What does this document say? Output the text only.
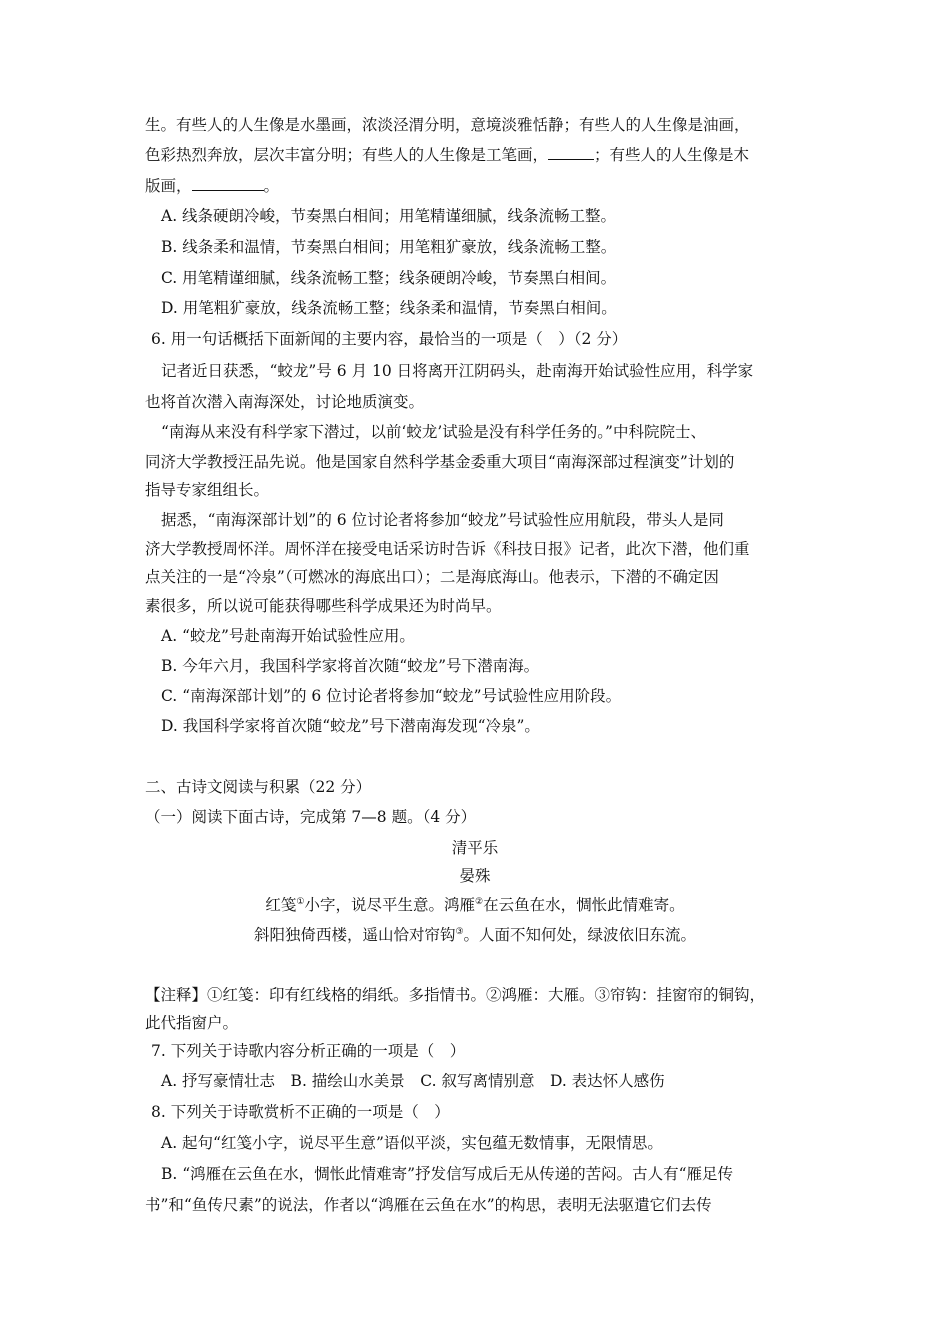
生。有些人的人生像是水墨画，浓淡泾渭分明，意境淡雅恬静；有些人的人生像是油画，

色彩热烈奔放，层次丰富分明；有些人的人生像是工笔画，	；有些人的人生像是木

版画，	。

A. 线条硬朗冷峻，节奏黑白相间；用笔精谨细腻，线条流畅工整。

B. 线条柔和温情，节奏黑白相间；用笔粗犷豪放，线条流畅工整。

C. 用笔精谨细腻，线条流畅工整；线条硬朗冷峻，节奏黑白相间。

D. 用笔粗犷豪放，线条流畅工整；线条柔和温情，节奏黑白相间。

6. 用一句话概括下面新闻的主要内容，最恰当的一项是（　）（2 分）

记者近日获悉，“蛟龙”号 6 月 10 日将离开江阴码头，赴南海开始试验性应用，科学家

也将首次潜入南海深处，讨论地质演变。

“南海从来没有科学家下潜过，以前‘蛟龙’试验是没有科学任务的。”中科院院士、

同济大学教授汪品先说。他是国家自然科学基金委重大项目“南海深部过程演变”计划的

指导专家组组长。

据悉，“南海深部计划”的 6 位讨论者将参加“蛟龙”号试验性应用航段，带头人是同

济大学教授周怀洋。周怀洋在接受电话采访时告诉《科技日报》记者，此次下潜，他们重

点关注的一是“冷泉”（可燃冰的海底出口）；二是海底海山。他表示，下潜的不确定因

素很多，所以说可能获得哪些科学成果还为时尚早。

A. “蛟龙”号赴南海开始试验性应用。

B. 今年六月，我国科学家将首次随“蛟龙”号下潜南海。

C. “南海深部计划”的 6 位讨论者将参加“蛟龙”号试验性应用阶段。

D. 我国科学家将首次随“蛟龙”号下潜南海发现“冷泉”。

二、古诗文阅读与积累（22 分）

（一）阅读下面古诗，完成第 7—8 题。（4 分）

清平乐

晏殊

红笺①小字，说尽平生意。鸿雁②在云鱼在水，惆怅此情难寄。

斜阳独倚西楼，遥山恰对帘钩③。人面不知何处，绿波依旧东流。

【注释】①红笺：印有红线格的绢纸。多指情书。②鸿雁：大雁。③帘钩：挂窗帘的铜钩，

此代指窗户。

7. 下列关于诗歌内容分析正确的一项是（　）

A. 抒写豪情壮志　B. 描绘山水美景　C. 叙写离情别意　D. 表达怀人感伤

8. 下列关于诗歌赏析不正确的一项是（　）

A. 起句“红笺小字，说尽平生意”语似平淡，实包蕴无数情事，无限情思。

B. “鸿雁在云鱼在水，惆怅此情难寄”抒发信写成后无从传递的苦闷。古人有“雁足传

书”和“鱼传尺素”的说法，作者以“鸿雁在云鱼在水”的构思，表明无法驱遣它们去传
